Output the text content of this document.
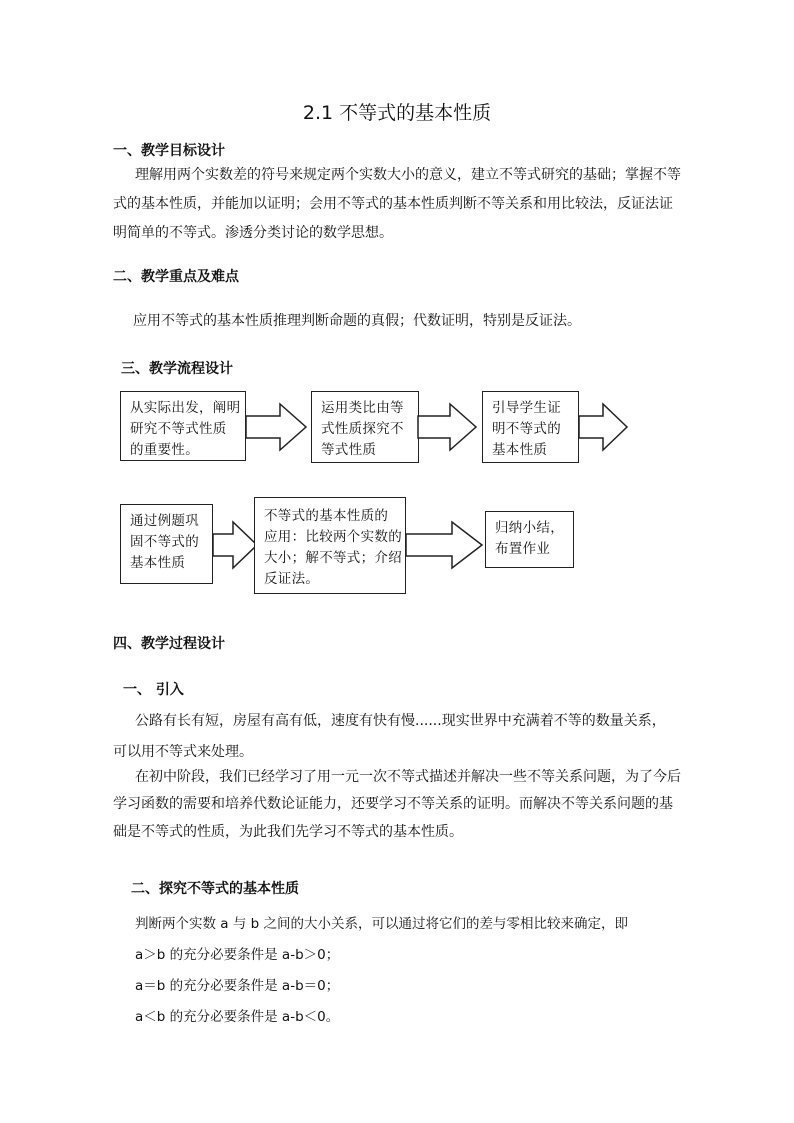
2.1 不等式的基本性质
一、教学目标设计
理解用两个实数差的符号来规定两个实数大小的意义，建立不等式研究的基础；掌握不等
式的基本性质，并能加以证明；会用不等式的基本性质判断不等关系和用比较法，反证法证
明简单的不等式。渗透分类讨论的数学思想。
二、教学重点及难点
应用不等式的基本性质推理判断命题的真假；代数证明，特别是反证法。
三、教学流程设计
从实际出发，阐明
研究不等式性质
的重要性。
运用类比由等
式性质探究不
等式性质
引导学生证
明不等式的
基本性质
通过例题巩
固不等式的
基本性质
不等式的基本性质的
应用：比较两个实数的
大小；解不等式；介绍
反证法。
归纳小结，
布置作业
四、教学过程设计
一、 引入
公路有长有短，房屋有高有低，速度有快有慢......现实世界中充满着不等的数量关系，
可以用不等式来处理。
在初中阶段，我们已经学习了用一元一次不等式描述并解决一些不等关系问题，为了今后
学习函数的需要和培养代数论证能力，还要学习不等关系的证明。而解决不等关系问题的基
础是不等式的性质，为此我们先学习不等式的基本性质。
二、探究不等式的基本性质
判断两个实数 a 与 b 之间的大小关系，可以通过将它们的差与零相比较来确定，即
a＞b 的充分必要条件是 a-b＞0；
a＝b 的充分必要条件是 a-b＝0；
a＜b 的充分必要条件是 a-b＜0。
